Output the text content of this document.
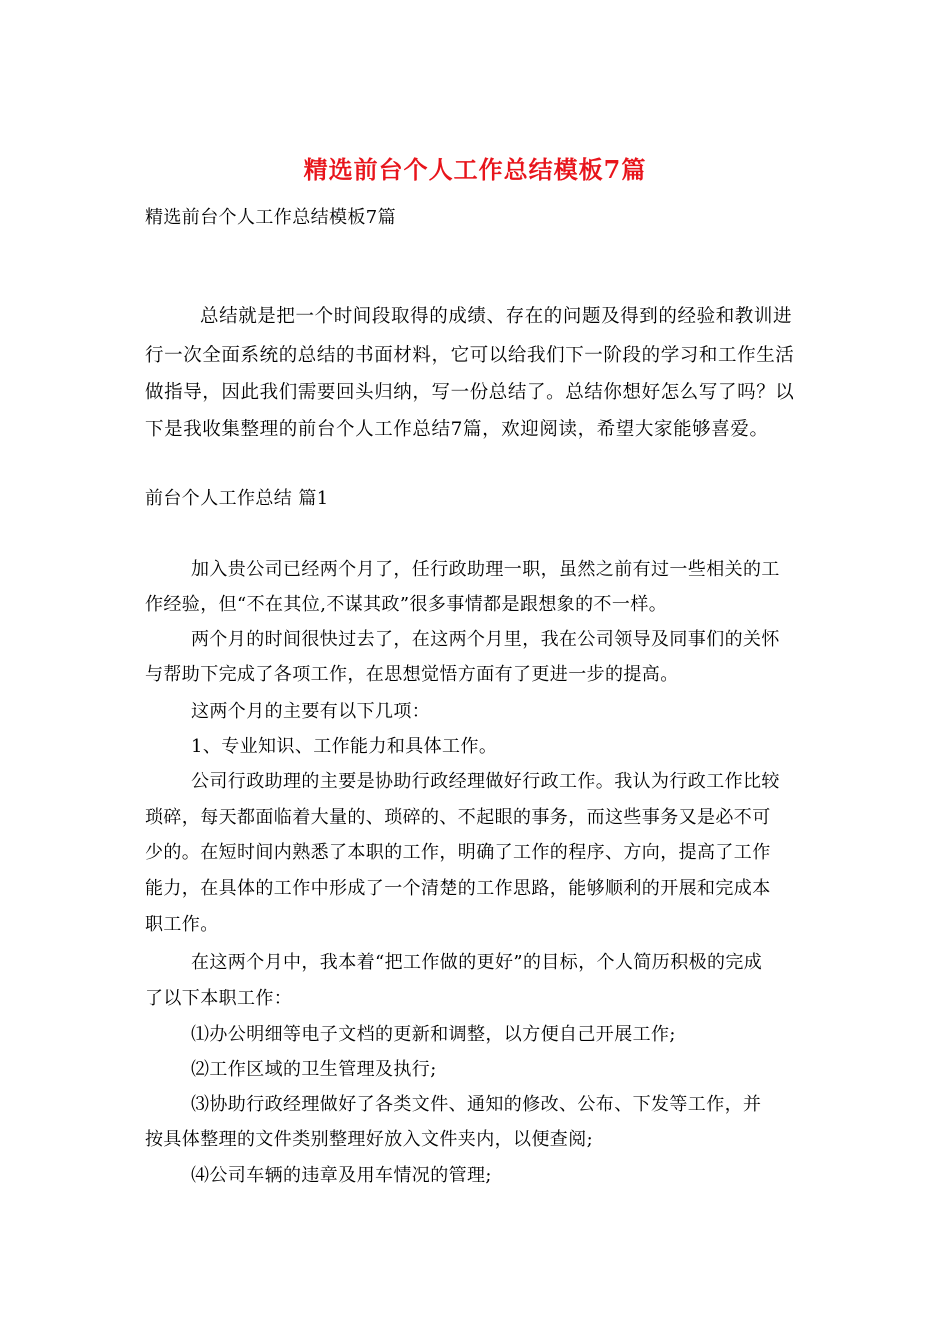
精选前台个人工作总结模板7篇
精选前台个人工作总结模板7篇
总结就是把一个时间段取得的成绩、存在的问题及得到的经验和教训进
行一次全面系统的总结的书面材料，它可以给我们下一阶段的学习和工作生活
做指导，因此我们需要回头归纳，写一份总结了。总结你想好怎么写了吗？以
下是我收集整理的前台个人工作总结7篇，欢迎阅读，希望大家能够喜爱。
前台个人工作总结 篇1
加入贵公司已经两个月了，任行政助理一职，虽然之前有过一些相关的工
作经验，但“不在其位,不谋其政”很多事情都是跟想象的不一样。
两个月的时间很快过去了，在这两个月里，我在公司领导及同事们的关怀
与帮助下完成了各项工作，在思想觉悟方面有了更进一步的提高。
这两个月的主要有以下几项：
1、专业知识、工作能力和具体工作。
公司行政助理的主要是协助行政经理做好行政工作。我认为行政工作比较
琐碎，每天都面临着大量的、琐碎的、不起眼的事务，而这些事务又是必不可
少的。在短时间内熟悉了本职的工作，明确了工作的程序、方向，提高了工作
能力，在具体的工作中形成了一个清楚的工作思路，能够顺利的开展和完成本
职工作。
在这两个月中，我本着“把工作做的更好”的目标，个人简历积极的完成
了以下本职工作：
⑴办公明细等电子文档的更新和调整，以方便自己开展工作;
⑵工作区域的卫生管理及执行;
⑶协助行政经理做好了各类文件、通知的修改、公布、下发等工作，并
按具体整理的文件类别整理好放入文件夹内，以便查阅;
⑷公司车辆的违章及用车情况的管理;
